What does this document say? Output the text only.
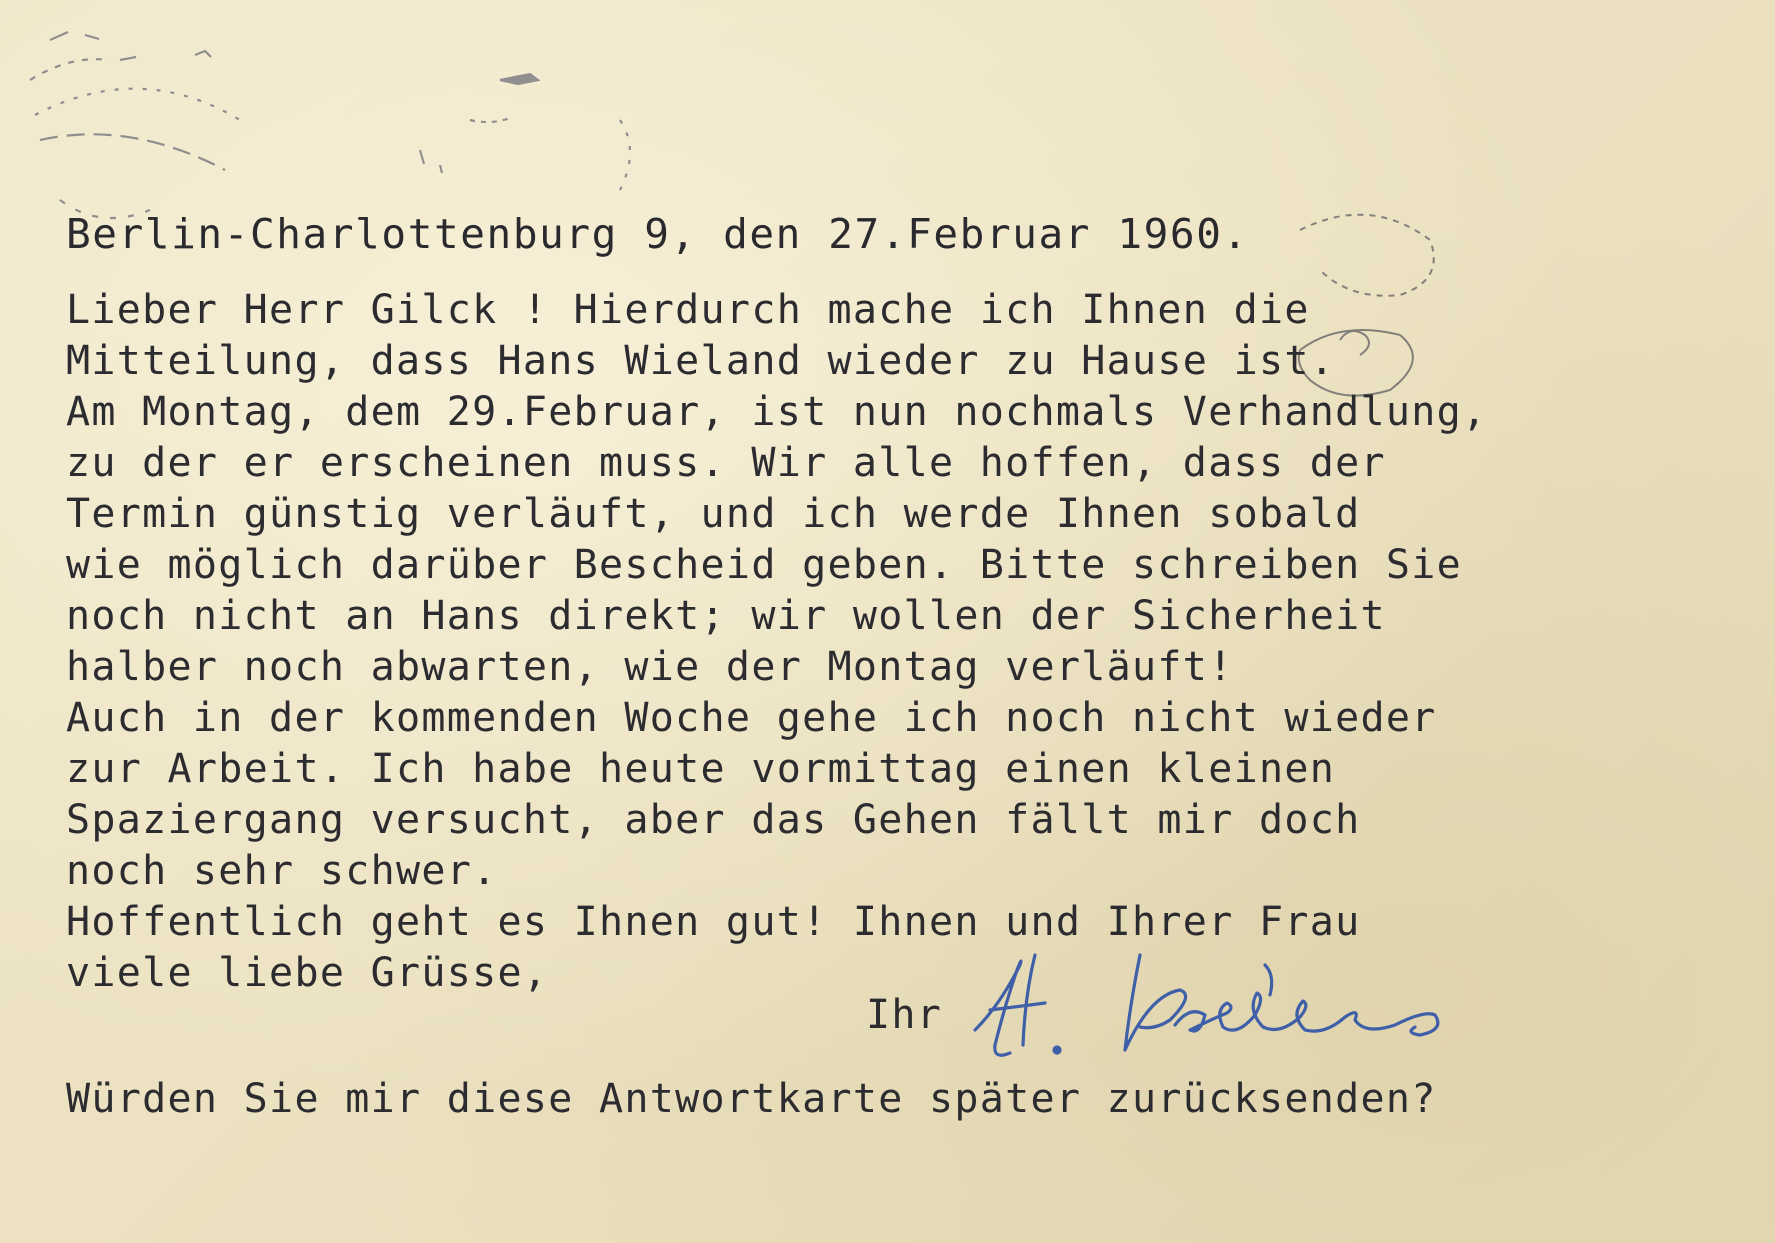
Berlin-Charlottenburg 9, den 27.Februar 1960.
Lieber Herr Gilck ! Hierdurch mache ich Ihnen die
Mitteilung, dass Hans Wieland wieder zu Hause ist.
Am Montag, dem 29.Februar, ist nun nochmals Verhandlung,
zu der er erscheinen muss. Wir alle hoffen, dass der
Termin günstig verläuft, und ich werde Ihnen sobald
wie möglich darüber Bescheid geben. Bitte schreiben Sie
noch nicht an Hans direkt; wir wollen der Sicherheit
halber noch abwarten, wie der Montag verläuft!
Auch in der kommenden Woche gehe ich noch nicht wieder
zur Arbeit. Ich habe heute vormittag einen kleinen
Spaziergang versucht, aber das Gehen fällt mir doch
noch sehr schwer.
Hoffentlich geht es Ihnen gut! Ihnen und Ihrer Frau
viele liebe Grüsse,
Ihr
Würden Sie mir diese Antwortkarte später zurücksenden?
